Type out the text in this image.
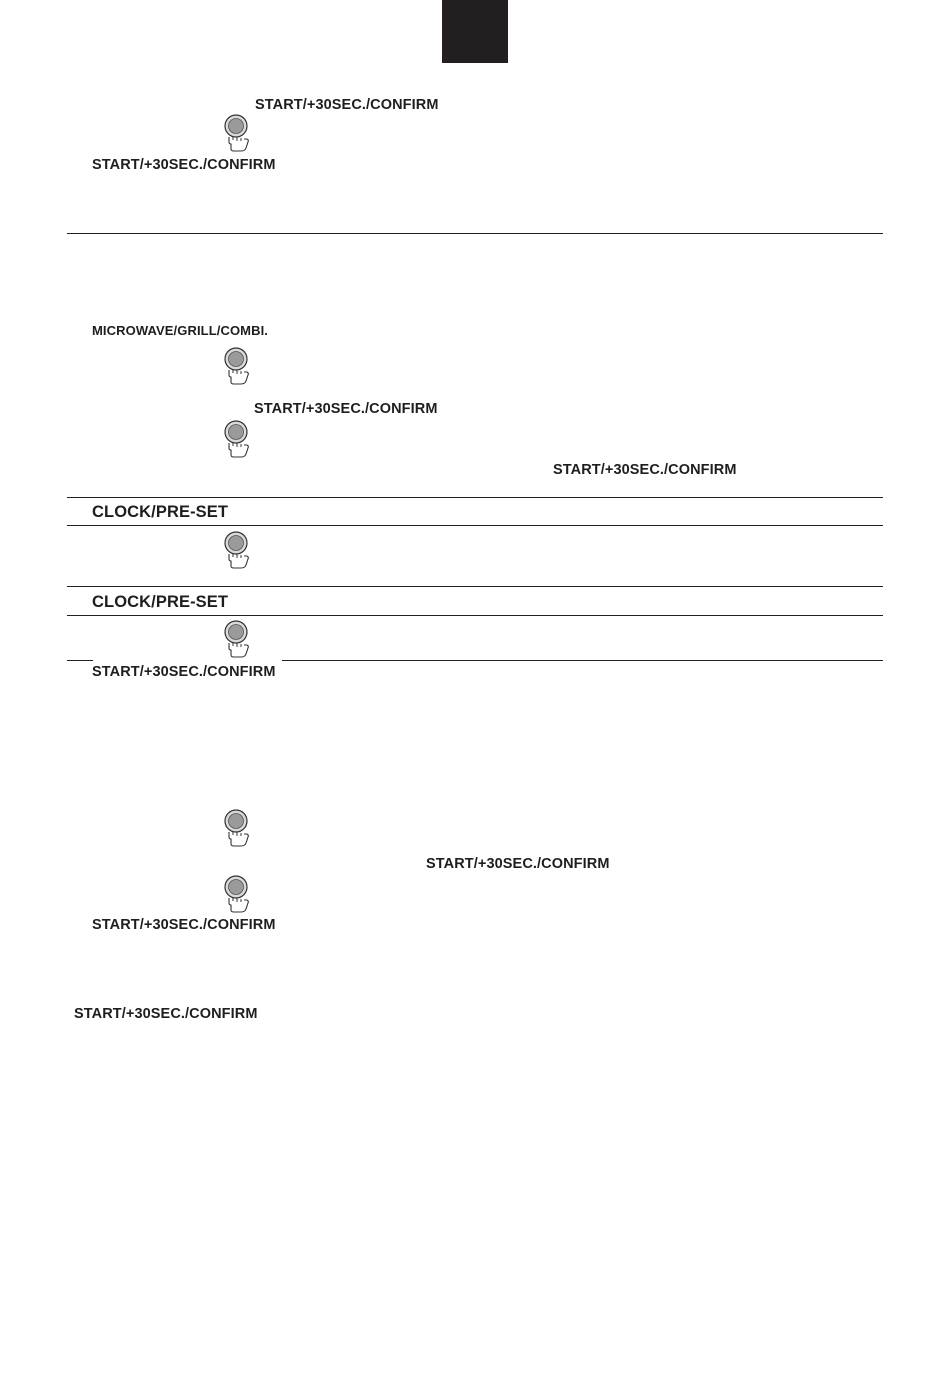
START/+30SEC./CONFIRM
START/+30SEC./CONFIRM
MICROWAVE/GRILL/COMBI.
START/+30SEC./CONFIRM
START/+30SEC./CONFIRM
CLOCK/PRE-SET
CLOCK/PRE-SET
START/+30SEC./CONFIRM
START/+30SEC./CONFIRM
START/+30SEC./CONFIRM
START/+30SEC./CONFIRM
